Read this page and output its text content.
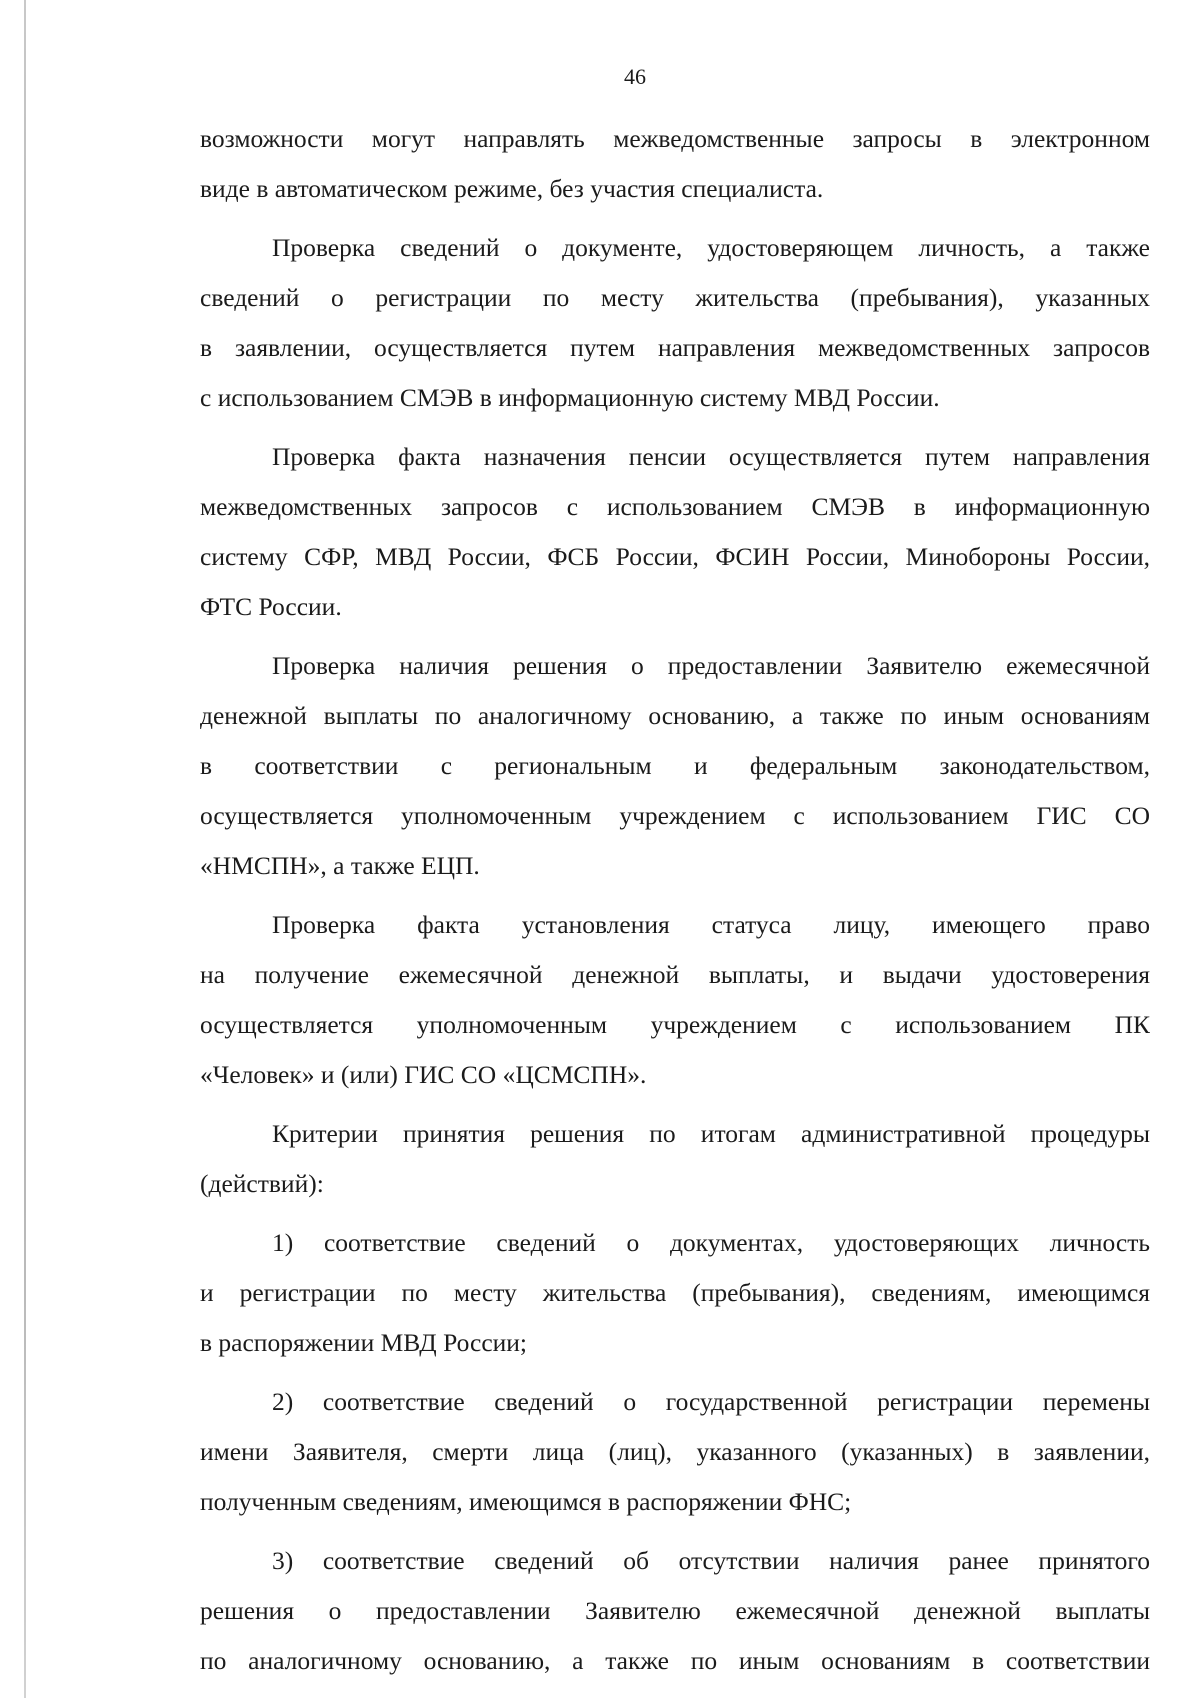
46
возможности могут направлять межведомственные запросы в электронном
виде в автоматическом режиме, без участия специалиста.
Проверка сведений о документе, удостоверяющем личность, а также
сведений о регистрации по месту жительства (пребывания), указанных
в заявлении, осуществляется путем направления межведомственных запросов
с использованием СМЭВ в информационную систему МВД России.
Проверка факта назначения пенсии осуществляется путем направления
межведомственных запросов с использованием СМЭВ в информационную
систему СФР, МВД России, ФСБ России, ФСИН России, Минобороны России,
ФТС России.
Проверка наличия решения о предоставлении Заявителю ежемесячной
денежной выплаты по аналогичному основанию, а также по иным основаниям
в соответствии с региональным и федеральным законодательством,
осуществляется уполномоченным учреждением с использованием ГИС СО
«НМСПН», а также ЕЦП.
Проверка факта установления статуса лицу, имеющего право
на получение ежемесячной денежной выплаты, и выдачи удостоверения
осуществляется уполномоченным учреждением с использованием ПК
«Человек» и (или) ГИС СО «ЦСМСПН».
Критерии принятия решения по итогам административной процедуры
(действий):
1) соответствие сведений о документах, удостоверяющих личность
и регистрации по месту жительства (пребывания), сведениям, имеющимся
в распоряжении МВД России;
2) соответствие сведений о государственной регистрации перемены
имени Заявителя, смерти лица (лиц), указанного (указанных) в заявлении,
полученным сведениям, имеющимся в распоряжении ФНС;
3) соответствие сведений об отсутствии наличия ранее принятого
решения о предоставлении Заявителю ежемесячной денежной выплаты
по аналогичному основанию, а также по иным основаниям в соответствии
